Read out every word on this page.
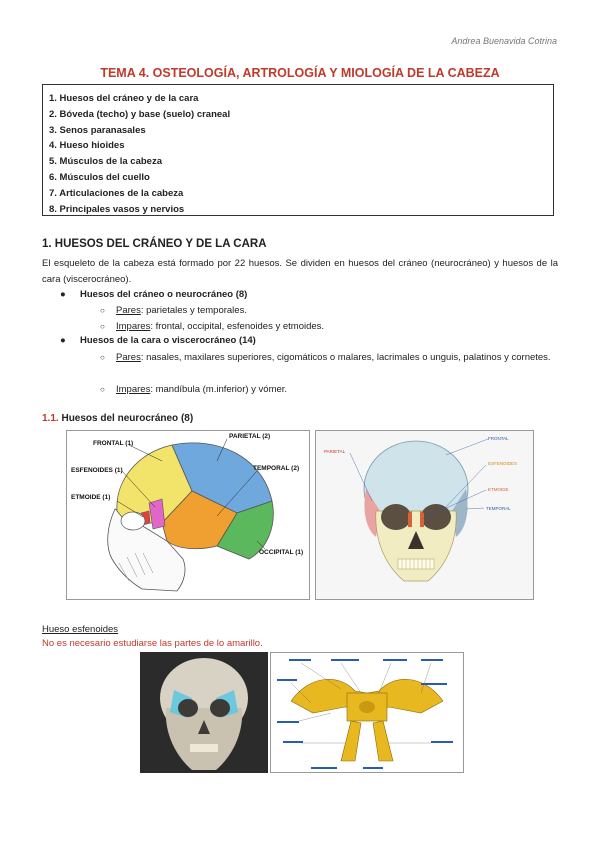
Andrea Buenavida Cotrina
TEMA 4. OSTEOLOGÍA, ARTROLOGÍA Y MIOLOGÍA DE LA CABEZA
1. Huesos del cráneo y de la cara
2. Bóveda (techo) y base (suelo) craneal
3. Senos paranasales
4. Hueso hioides
5. Músculos de la cabeza
6. Músculos del cuello
7. Articulaciones de la cabeza
8. Principales vasos y nervios
1. HUESOS DEL CRÁNEO Y DE LA CARA
El esqueleto de la cabeza está formado por 22 huesos. Se dividen en huesos del cráneo (neurocráneo) y huesos de la cara (viscerocráneo).
● Huesos del cráneo o neurocráneo (8)
○ Pares: parietales y temporales.
○ Impares: frontal, occipital, esfenoides y etmoides.
● Huesos de la cara o viscerocráneo (14)
○ Pares: nasales, maxilares superiores, cigomáticos o malares, lacrimales o unguis, palatinos y cornetes.
○ Impares: mandíbula (m.inferior) y vómer.
1.1. Huesos del neurocráneo (8)
FRONTAL (1)
PARIETAL (2)
ESFENOIDES (1)	TEMPORAL (2)
ETMOIDE (1)
OCCIPITAL (1)
FRONTAL
PARIETAL
ESFENOIDES
ETMOIDE
TEMPORAL
Hueso esfenoides
No es necesario estudiarse las partes de lo amarillo.
